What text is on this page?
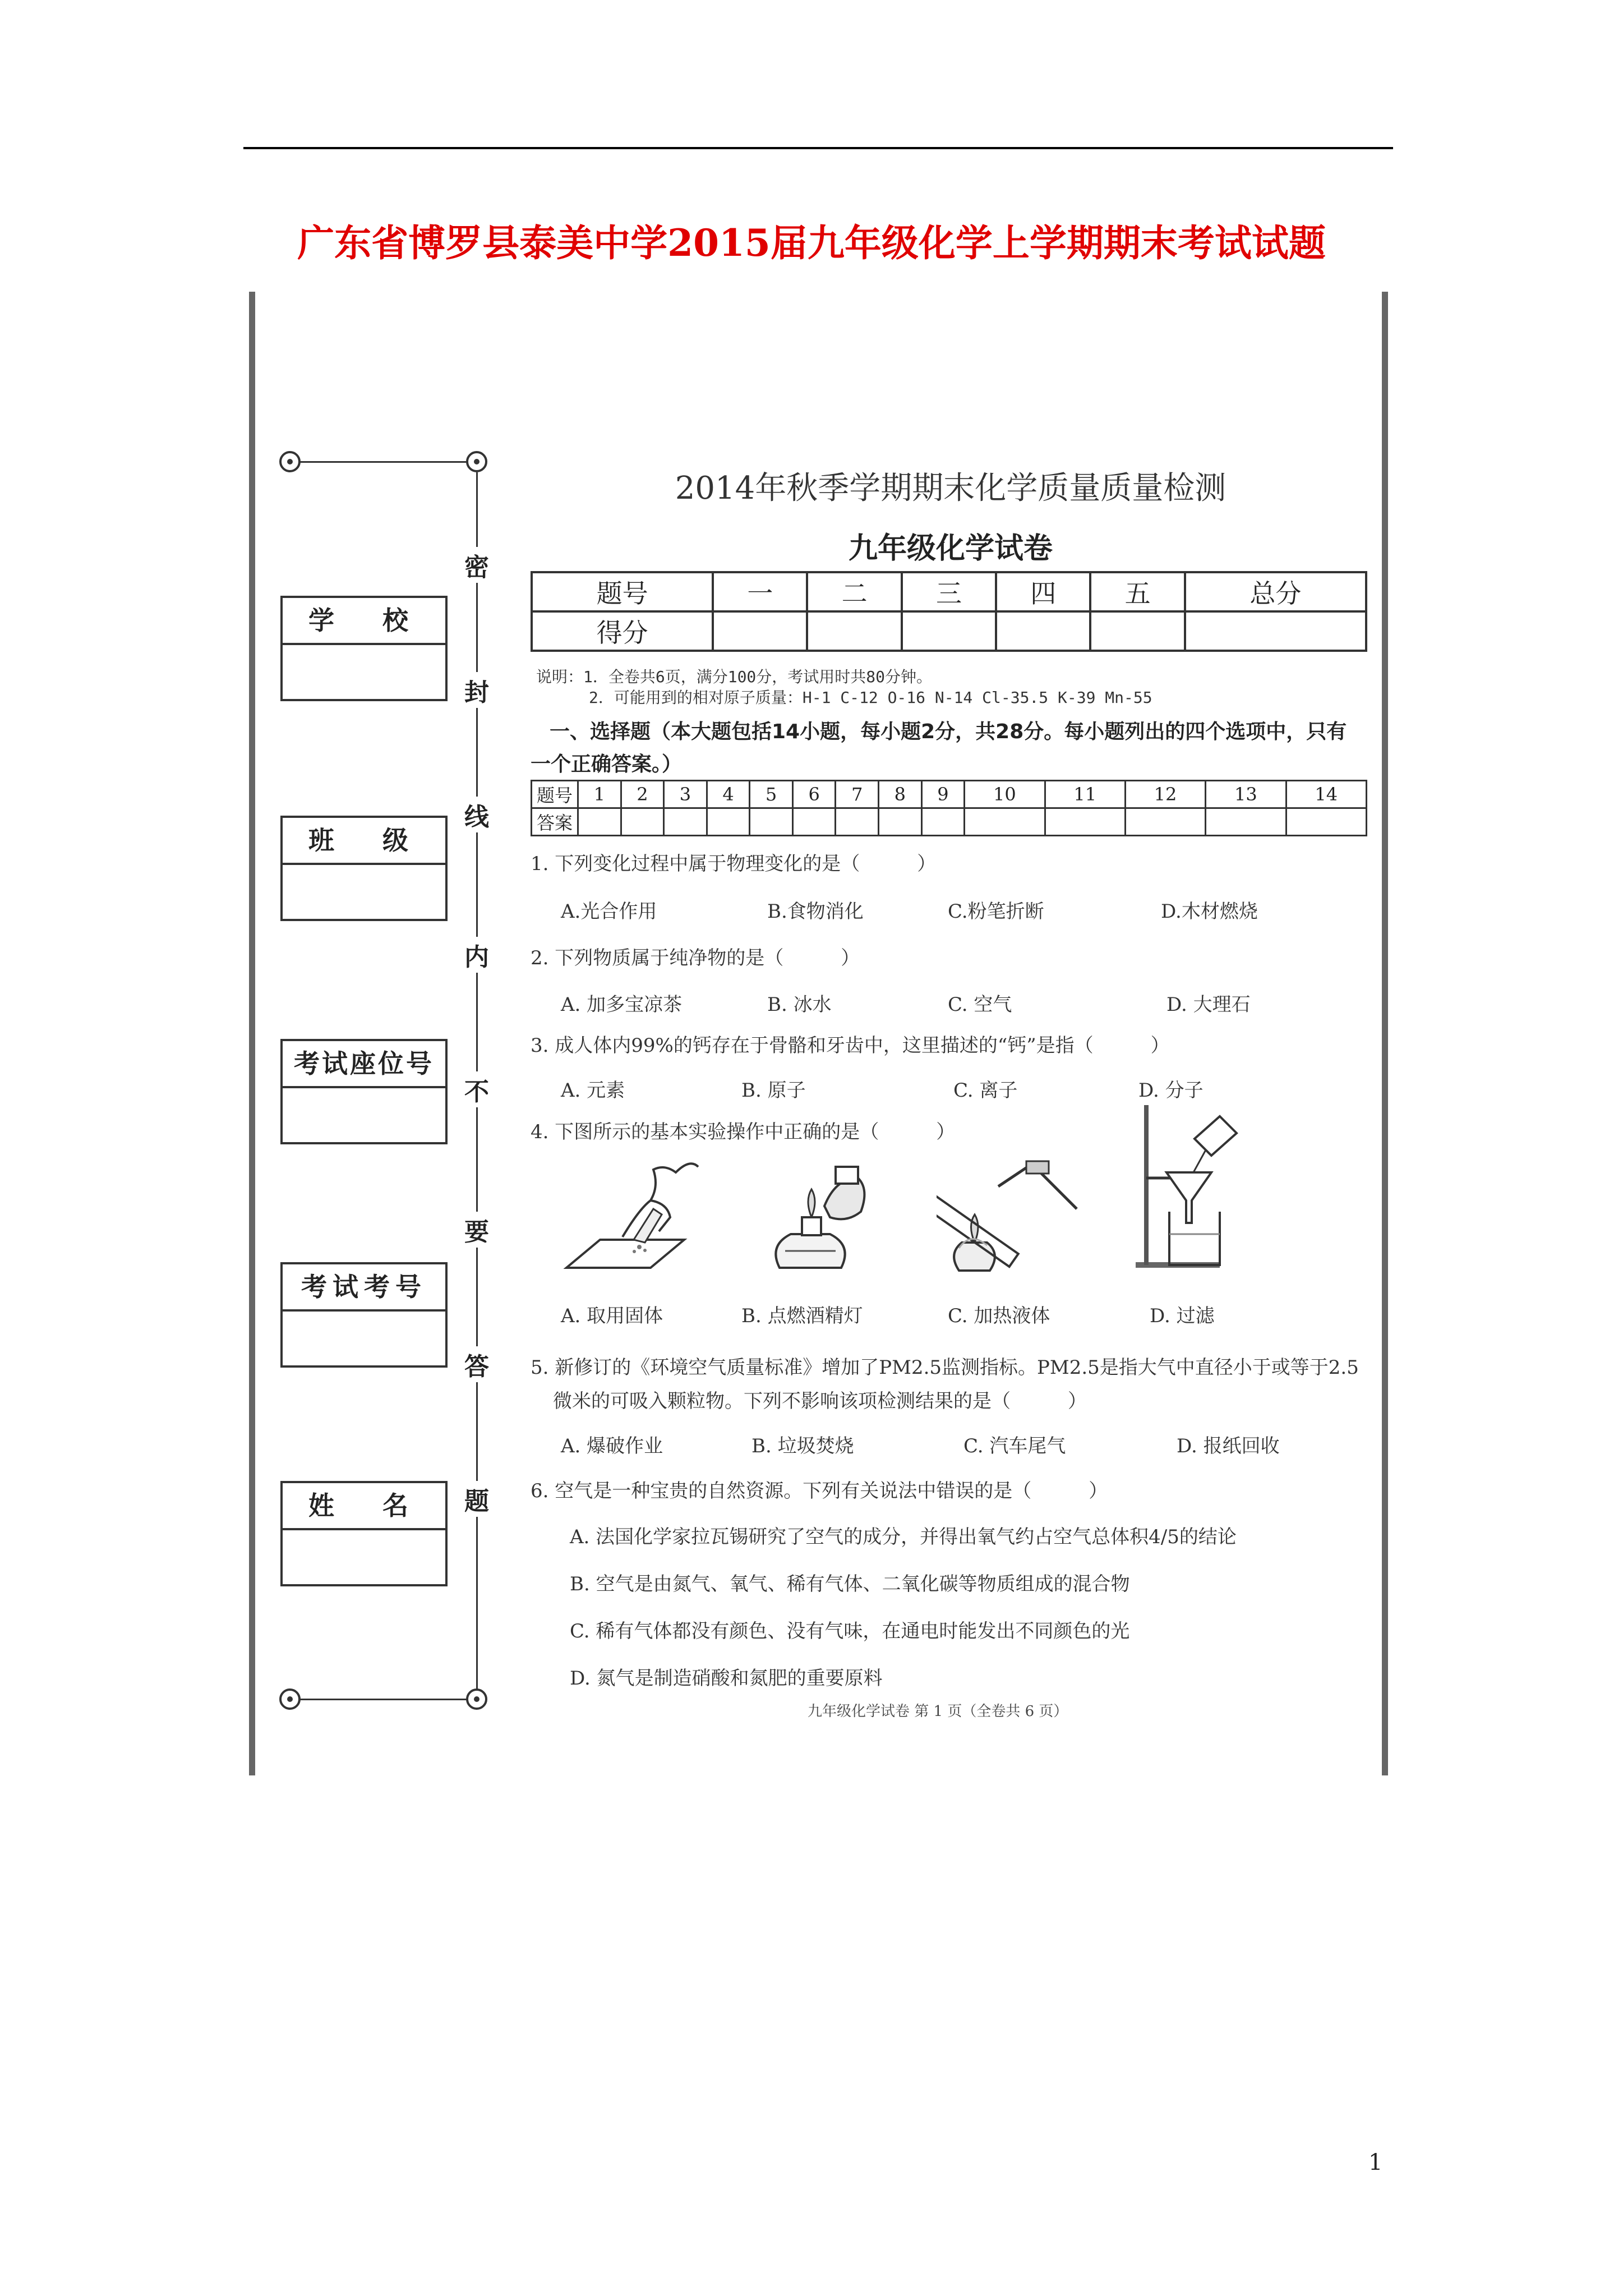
广东省博罗县泰美中学2015届九年级化学上学期期末考试试题
密
封
线
内
不
要
答
题
学　校
班　级
考试座位号
考试考号
姓　名
2014年秋季学期期末化学质量质量检测
九年级化学试卷
题号	一	二	三	四	五	总分
得分						
说明：1．全卷共6页，满分100分，考试用时共80分钟。
2．可能用到的相对原子质量：H-1 C-12 O-16 N-14 Cl-35.5 K-39 Mn-55
一、选择题（本大题包括14小题，每小题2分，共28分。每小题列出的四个选项中，只有
一个正确答案。）
题号	1	2	3	4	5	6	7	8	9	10	11	12	13	14
答案														
1. 下列变化过程中属于物理变化的是（　　　）
A.光合作用	B.食物消化	C.粉笔折断	D.木材燃烧
2. 下列物质属于纯净物的是（　　　）
A. 加多宝凉茶	B. 冰水	C. 空气	D. 大理石
3. 成人体内99%的钙存在于骨骼和牙齿中，这里描述的“钙”是指（　　　）
A. 元素	B. 原子	C. 离子	D. 分子
4. 下图所示的基本实验操作中正确的是（　　　）
A. 取用固体	B. 点燃酒精灯	C. 加热液体	D. 过滤
5. 新修订的《环境空气质量标准》增加了PM2.5监测指标。PM2.5是指大气中直径小于或等于2.5
微米的可吸入颗粒物。下列不影响该项检测结果的是（　　　）
A. 爆破作业	B. 垃圾焚烧	C. 汽车尾气	D. 报纸回收
6. 空气是一种宝贵的自然资源。下列有关说法中错误的是（　　　）
A. 法国化学家拉瓦锡研究了空气的成分，并得出氧气约占空气总体积4/5的结论
B. 空气是由氮气、氧气、稀有气体、二氧化碳等物质组成的混合物
C. 稀有气体都没有颜色、没有气味，在通电时能发出不同颜色的光
D. 氮气是制造硝酸和氮肥的重要原料
九年级化学试卷 第 1 页（全卷共 6 页）
1
